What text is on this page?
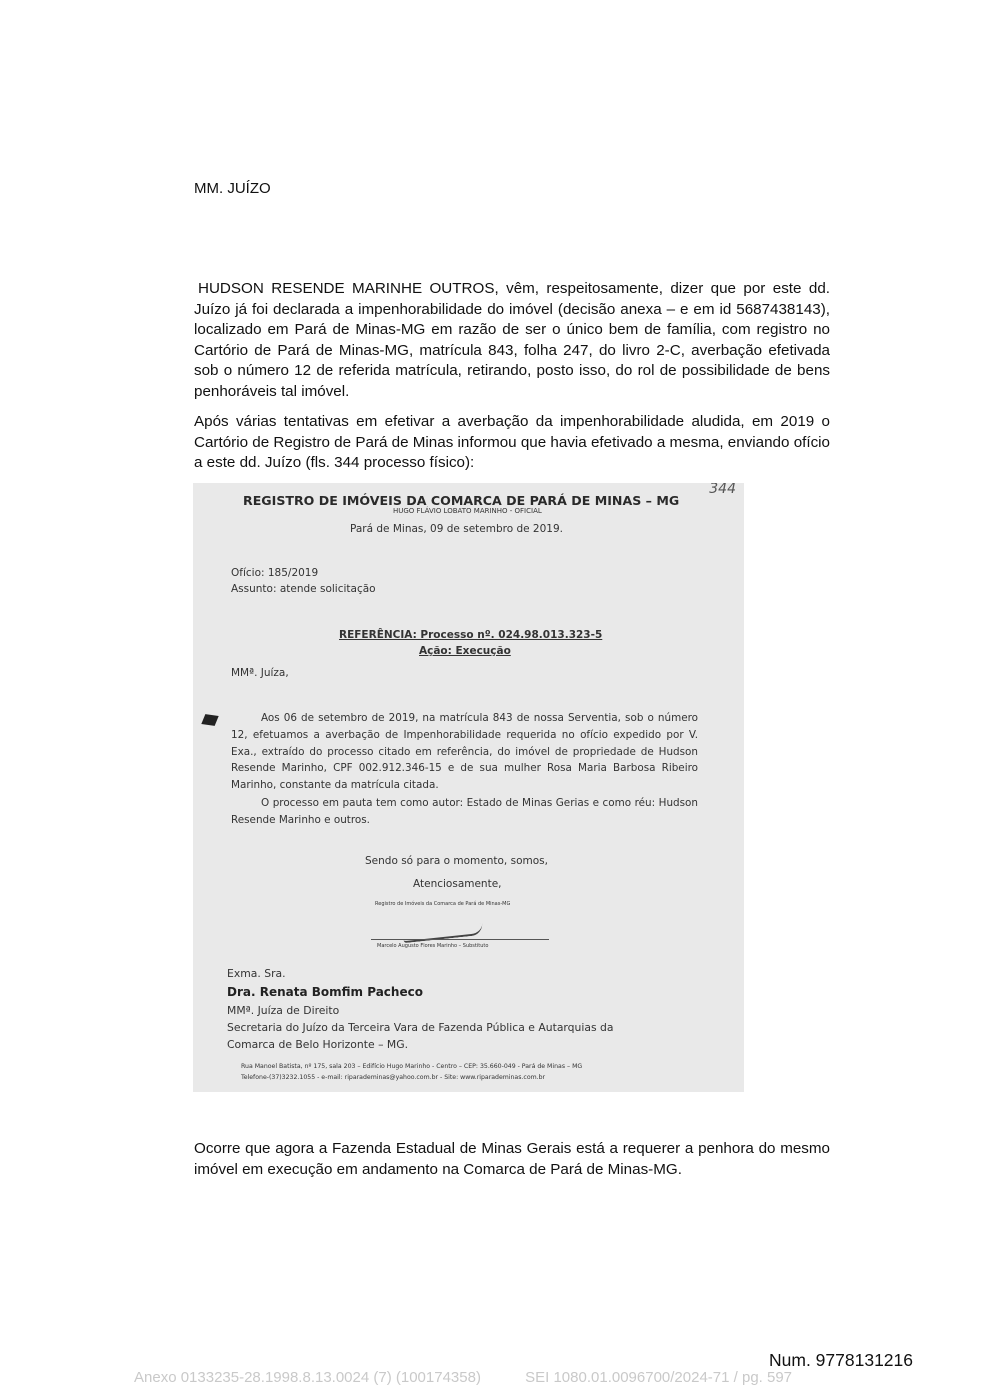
MM. JUÍZO

HUDSON RESENDE MARINHE OUTROS, vêm, respeitosamente, dizer que por este dd. Juízo já foi declarada a impenhorabilidade do imóvel (decisão anexa – e em id 5687438143), localizado em Pará de Minas-MG em razão de ser o único bem de família, com registro no Cartório de Pará de Minas-MG, matrícula 843, folha 247, do livro 2-C, averbação efetivada sob o número 12 de referida matrícula, retirando, posto isso, do rol de possibilidade de bens penhoráveis tal imóvel.

Após várias tentativas em efetivar a averbação da impenhorabilidade aludida, em 2019 o Cartório de Registro de Pará de Minas informou que havia efetivado a mesma, enviando ofício a este dd. Juízo (fls. 344 processo físico):

344
REGISTRO DE IMÓVEIS DA COMARCA DE PARÁ DE MINAS – MG
HUGO FLÁVIO LOBATO MARINHO - OFICIAL
Pará de Minas, 09 de setembro de 2019.
Ofício: 185/2019
Assunto: atende solicitação
REFERÊNCIA: Processo nº. 024.98.013.323-5
Ação: Execução
MMª. Juíza,

Aos 06 de setembro de 2019, na matrícula 843 de nossa Serventia, sob o número 12, efetuamos a averbação de Impenhorabilidade requerida no ofício expedido por V. Exa., extraído do processo citado em referência, do imóvel de propriedade de Hudson Resende Marinho, CPF 002.912.346-15 e de sua mulher Rosa Maria Barbosa Ribeiro Marinho, constante da matrícula citada.

O processo em pauta tem como autor: Estado de Minas Gerias e como réu: Hudson Resende Marinho e outros.

Sendo só para o momento, somos,
Atenciosamente,
Registro de Imóveis da Comarca de Pará de Minas-MG
Marcelo Augusto Flores Marinho – Substituto
Exma. Sra.
Dra. Renata Bomfim Pacheco
MMª. Juíza de Direito
Secretaria do Juízo da Terceira Vara de Fazenda Pública e Autarquias da
Comarca de Belo Horizonte – MG.
Rua Manoel Batista, nº 175, sala 203 – Edifício Hugo Marinho - Centro – CEP: 35.660-049 - Pará de Minas – MG
Telefone-(37)3232.1055 - e-mail: riparademinas@yahoo.com.br - Site: www.riparademinas.com.br

Ocorre que agora a Fazenda Estadual de Minas Gerais está a requerer a penhora do mesmo imóvel em execução em andamento na Comarca de Pará de Minas-MG.

Num. 9778131216
Anexo 0133235-28.1998.8.13.0024 (7) (100174358)	SEI 1080.01.0096700/2024-71 / pg. 597
